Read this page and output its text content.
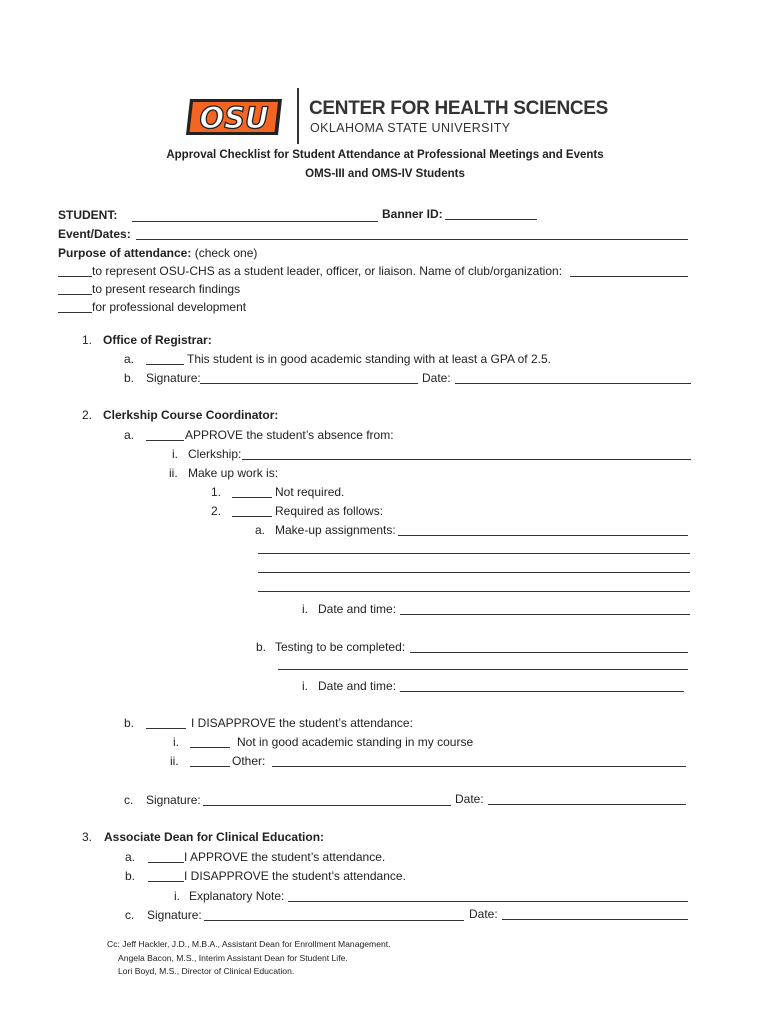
OSU CENTER FOR HEALTH SCIENCES
OKLAHOMA STATE UNIVERSITY
Approval Checklist for Student Attendance at Professional Meetings and Events
OMS-III and OMS-IV Students
STUDENT:	Banner ID:
Event/Dates:
Purpose of attendance: (check one)
to represent OSU-CHS as a student leader, officer, or liaison. Name of club/organization:
to present research findings
for professional development
1. Office of Registrar:
a.	This student is in good academic standing with at least a GPA of 2.5.
b. Signature:	Date:
2. Clerkship Course Coordinator:
a.	APPROVE the student’s absence from:
i. Clerkship:
ii. Make up work is:
1.	Not required.
2.	Required as follows:
a. Make-up assignments:
i. Date and time:
b. Testing to be completed:
i. Date and time:
b.	I DISAPPROVE the student’s attendance:
i.	Not in good academic standing in my course
ii.	Other:
c. Signature:	Date:
3. Associate Dean for Clinical Education:
a.	I APPROVE the student’s attendance.
b.	I DISAPPROVE the student’s attendance.
i. Explanatory Note:
c. Signature:	Date:
Cc: Jeff Hackler, J.D., M.B.A., Assistant Dean for Enrollment Management.
Angela Bacon, M.S., Interim Assistant Dean for Student Life.
Lori Boyd, M.S., Director of Clinical Education.
